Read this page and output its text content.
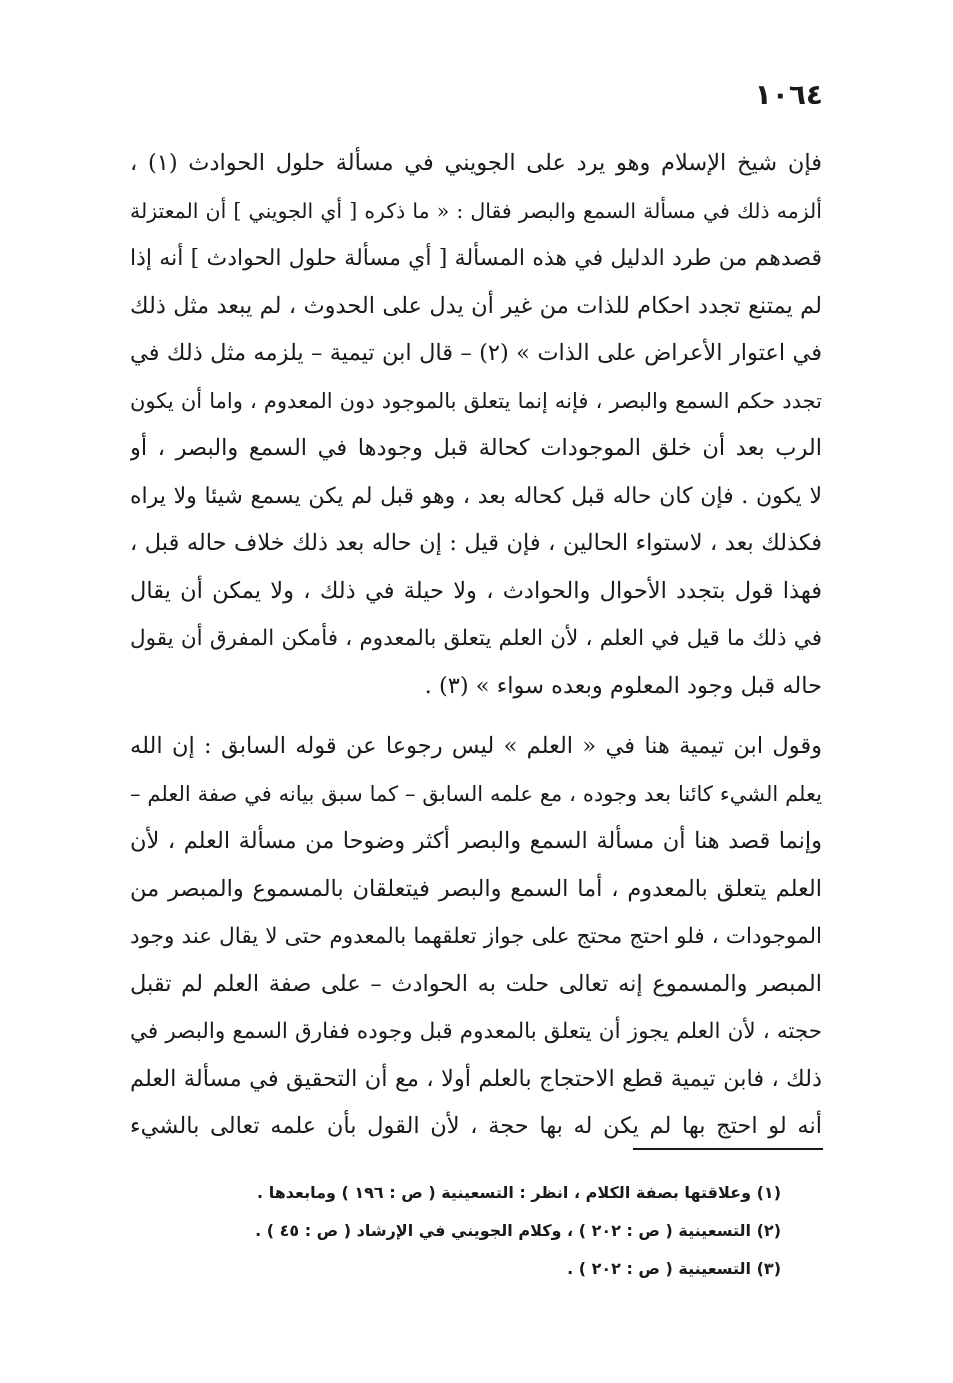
١٠٦٤
فإن شيخ الإسلام وهو يرد على الجويني في مسألة حلول الحوادث (١) ،
ألزمه ذلك في مسألة السمع والبصر فقال : « ما ذكره [ أي الجويني ] أن المعتزلة
قصدهم من طرد الدليل في هذه المسألة [ أي مسألة حلول الحوادث ] أنه إذا
لم يمتنع تجدد احكام للذات من غير أن يدل على الحدوث ، لم يبعد مثل ذلك
في اعتوار الأعراض على الذات » (٢) – قال ابن تيمية – يلزمه مثل ذلك في
تجدد حكم السمع والبصر ، فإنه إنما يتعلق بالموجود دون المعدوم ، واما أن يكون
الرب بعد أن خلق الموجودات كحالة قبل وجودها في السمع والبصر ، أو
لا يكون . فإن كان حاله قبل كحاله بعد ، وهو قبل لم يكن يسمع شيئا ولا يراه
فكذلك بعد ، لاستواء الحالين ، فإن قيل : إن حاله بعد ذلك خلاف حاله قبل ،
فهذا قول بتجدد الأحوال والحوادث ، ولا حيلة في ذلك ، ولا يمكن أن يقال
في ذلك ما قيل في العلم ، لأن العلم يتعلق بالمعدوم ، فأمكن المفرق أن يقول
حاله قبل وجود المعلوم وبعده سواء » (٣) .
وقول ابن تيمية هنا في « العلم » ليس رجوعا عن قوله السابق : إن الله
يعلم الشيء كائنا بعد وجوده ، مع علمه السابق – كما سبق بيانه في صفة العلم –
وإنما قصد هنا أن مسألة السمع والبصر أكثر وضوحا من مسألة العلم ، لأن
العلم يتعلق بالمعدوم ، أما السمع والبصر فيتعلقان بالمسموع والمبصر من
الموجودات ، فلو احتج محتج على جواز تعلقهما بالمعدوم حتى لا يقال عند وجود
المبصر والمسموع إنه تعالى حلت به الحوادث – على صفة العلم لم تقبل
حجته ، لأن العلم يجوز أن يتعلق بالمعدوم قبل وجوده ففارق السمع والبصر في
ذلك ، فابن تيمية قطع الاحتجاج بالعلم أولا ، مع أن التحقيق في مسألة العلم
أنه لو احتج بها لم يكن له بها حجة ، لأن القول بأن علمه تعالى بالشيء
(١) وعلاقتها بصفة الكلام ، انظر : التسعينية ( ص : ١٩٦ ) ومابعدها .
(٢) التسعينية ( ص : ٢٠٢ ) ، وكلام الجويني في الإرشاد ( ص : ٤٥ ) .
(٣) التسعينية ( ص : ٢٠٢ ) .
